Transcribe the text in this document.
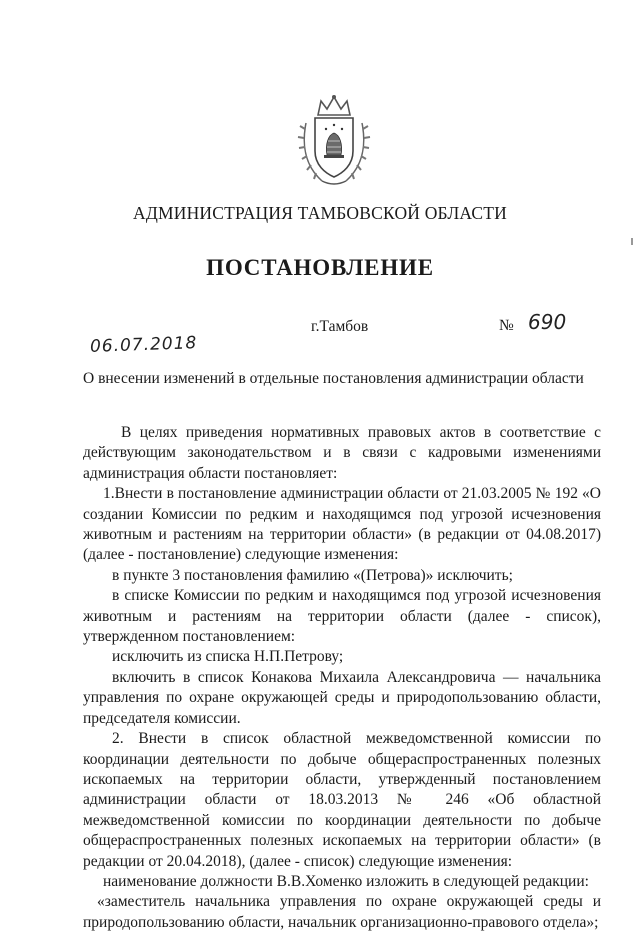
АДМИНИСТРАЦИЯ ТАМБОВСКОЙ ОБЛАСТИ
ПОСТАНОВЛЕНИЕ
06.07.2018
г.Тамбов	№ 690
О внесении изменений в отдельные постановления администрации области

В целях приведения нормативных правовых актов в соответствие с действующим законодательством и в связи с кадровыми изменениями администрация области постановляет:

1.Внести в постановление администрации области от 21.03.2005 № 192 «О создании Комиссии по редким и находящимся под угрозой исчезновения животным и растениям на территории области» (в редакции от 04.08.2017) (далее - постановление) следующие изменения:

в пункте 3 постановления фамилию «(Петрова)» исключить;

в списке Комиссии по редким и находящимся под угрозой исчезновения животным и растениям на территории области (далее - список), утвержденном постановлением:

исключить из списка Н.П.Петрову;

включить в список Конакова Михаила Александровича — начальника управления по охране окружающей среды и природопользованию области, председателя комиссии.

2. Внести в список областной межведомственной комиссии по координации деятельности по добыче общераспространенных полезных ископаемых на территории области, утвержденный постановлением администрации области от 18.03.2013 № 246 «Об областной межведомственной комиссии по координации деятельности по добыче общераспространенных полезных ископаемых на территории области» (в редакции от 20.04.2018), (далее - список) следующие изменения:

наименование должности В.В.Хоменко изложить в следующей редакции:

«заместитель начальника управления по охране окружающей среды и природопользованию области, начальник организационно-правового отдела»;
